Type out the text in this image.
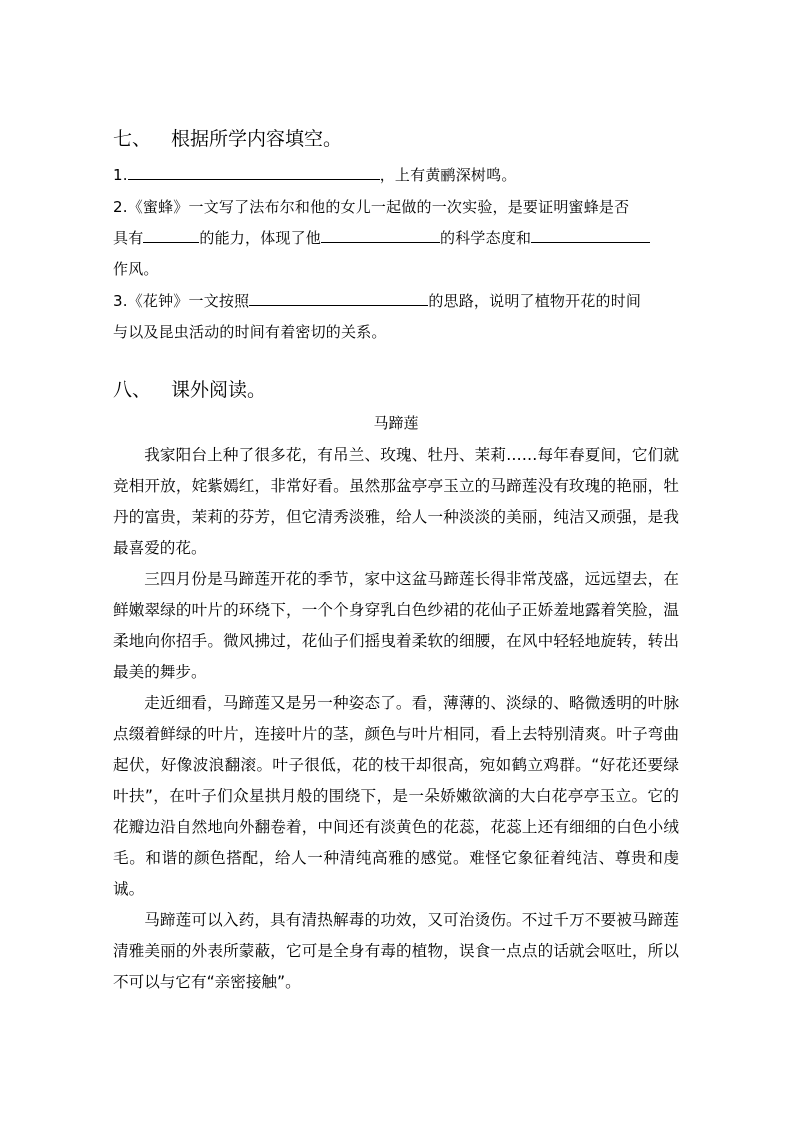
七、 根据所学内容填空。
1.	，上有黄鹂深树鸣。
2.《蜜蜂》一文写了法布尔和他的女儿一起做的一次实验，是要证明蜜蜂是否
具有	的能力，体现了他	的科学态度和
作风。
3.《花钟》一文按照	的思路，说明了植物开花的时间
与以及昆虫活动的时间有着密切的关系。
八、 课外阅读。
马蹄莲

我家阳台上种了很多花，有吊兰、玫瑰、牡丹、茉莉……每年春夏间，它们就竞相开放，姹紫嫣红，非常好看。虽然那盆亭亭玉立的马蹄莲没有玫瑰的艳丽，牡丹的富贵，茉莉的芬芳，但它清秀淡雅，给人一种淡淡的美丽，纯洁又顽强，是我最喜爱的花。

三四月份是马蹄莲开花的季节，家中这盆马蹄莲长得非常茂盛，远远望去，在鲜嫩翠绿的叶片的环绕下，一个个身穿乳白色纱裙的花仙子正娇羞地露着笑脸，温柔地向你招手。微风拂过，花仙子们摇曳着柔软的细腰，在风中轻轻地旋转，转出最美的舞步。

走近细看，马蹄莲又是另一种姿态了。看，薄薄的、淡绿的、略微透明的叶脉点缀着鲜绿的叶片，连接叶片的茎，颜色与叶片相同，看上去特别清爽。叶子弯曲起伏，好像波浪翻滚。叶子很低，花的枝干却很高，宛如鹤立鸡群。“好花还要绿叶扶”，在叶子们众星拱月般的围绕下，是一朵娇嫩欲滴的大白花亭亭玉立。它的花瓣边沿自然地向外翻卷着，中间还有淡黄色的花蕊，花蕊上还有细细的白色小绒毛。和谐的颜色搭配，给人一种清纯高雅的感觉。难怪它象征着纯洁、尊贵和虔诚。

马蹄莲可以入药，具有清热解毒的功效，又可治烫伤。不过千万不要被马蹄莲清雅美丽的外表所蒙蔽，它可是全身有毒的植物，误食一点点的话就会呕吐，所以不可以与它有“亲密接触”。
